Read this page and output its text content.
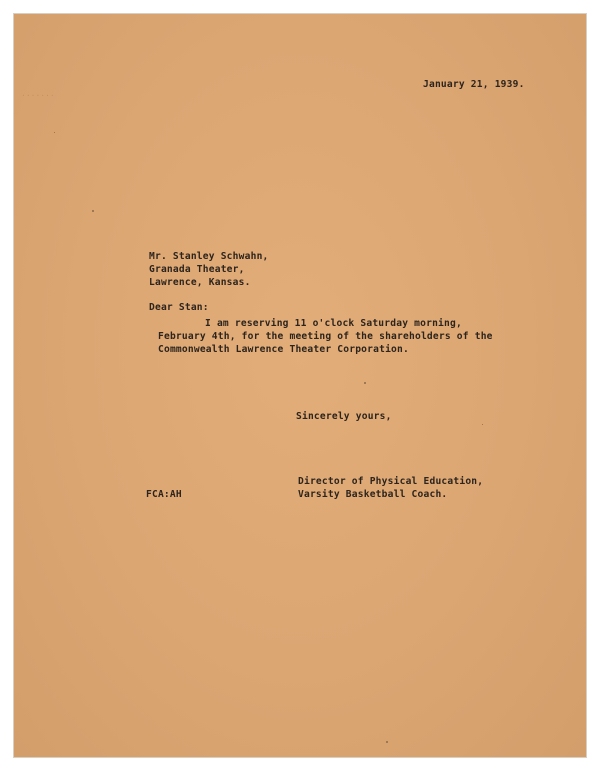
·······
January 21, 1939.
Mr. Stanley Schwahn,
Granada Theater,
Lawrence, Kansas.
Dear Stan:
I am reserving 11 o'clock Saturday morning,
February 4th, for the meeting of the shareholders of the
Commonwealth Lawrence Theater Corporation.
Sincerely yours,
Director of Physical Education,
Varsity Basketball Coach.
FCA:AH
